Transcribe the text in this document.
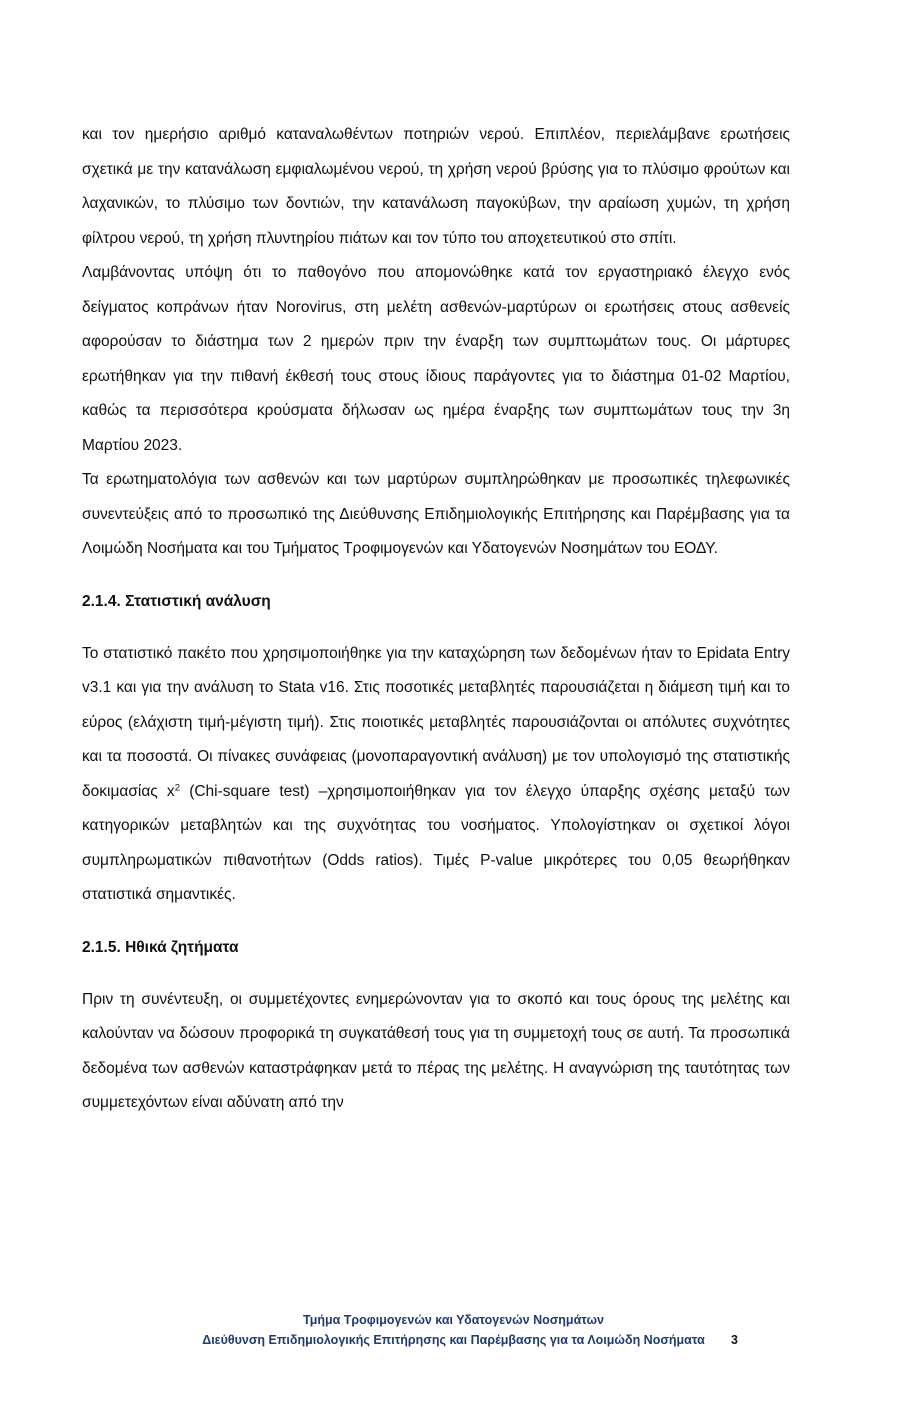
και τον ημερήσιο αριθμό καταναλωθέντων ποτηριών νερού. Επιπλέον, περιελάμβανε ερωτήσεις σχετικά με την κατανάλωση εμφιαλωμένου νερού, τη χρήση νερού βρύσης για το πλύσιμο φρούτων και λαχανικών, το πλύσιμο των δοντιών, την κατανάλωση παγοκύβων, την αραίωση χυμών, τη χρήση φίλτρου νερού, τη χρήση πλυντηρίου πιάτων και τον τύπο του αποχετευτικού στο σπίτι.

Λαμβάνοντας υπόψη ότι το παθογόνο που απομονώθηκε κατά τον εργαστηριακό έλεγχο ενός δείγματος κοπράνων ήταν Norovirus, στη μελέτη ασθενών-μαρτύρων οι ερωτήσεις στους ασθενείς αφορούσαν το διάστημα των 2 ημερών πριν την έναρξη των συμπτωμάτων τους. Οι μάρτυρες ερωτήθηκαν για την πιθανή έκθεσή τους στους ίδιους παράγοντες για το διάστημα 01-02 Μαρτίου, καθώς τα περισσότερα κρούσματα δήλωσαν ως ημέρα έναρξης των συμπτωμάτων τους την 3η Μαρτίου 2023.

Τα ερωτηματολόγια των ασθενών και των μαρτύρων συμπληρώθηκαν με προσωπικές τηλεφωνικές συνεντεύξεις από το προσωπικό της Διεύθυνσης Επιδημιολογικής Επιτήρησης και Παρέμβασης για τα Λοιμώδη Νοσήματα και του Τμήματος Τροφιμογενών και Υδατογενών Νοσημάτων του ΕΟΔΥ.

2.1.4. Στατιστική ανάλυση

Το στατιστικό πακέτο που χρησιμοποιήθηκε για την καταχώρηση των δεδομένων ήταν το Epidata Entry v3.1 και για την ανάλυση το Stata v16. Στις ποσοτικές μεταβλητές παρουσιάζεται η διάμεση τιμή και το εύρος (ελάχιστη τιμή-μέγιστη τιμή). Στις ποιοτικές μεταβλητές παρουσιάζονται οι απόλυτες συχνότητες και τα ποσοστά. Οι πίνακες συνάφειας (μονοπαραγοντική ανάλυση) με τον υπολογισμό της στατιστικής δοκιμασίας $x^2$ (Chi-square test) –χρησιμοποιήθηκαν για τον έλεγχο ύπαρξης σχέσης μεταξύ των κατηγορικών μεταβλητών και της συχνότητας του νοσήματος. Υπολογίστηκαν οι σχετικοί λόγοι συμπληρωματικών πιθανοτήτων (Odds ratios). Τιμές P-value μικρότερες του 0,05 θεωρήθηκαν στατιστικά σημαντικές.

2.1.5. Ηθικά ζητήματα

Πριν τη συνέντευξη, οι συμμετέχοντες ενημερώνονταν για το σκοπό και τους όρους της μελέτης και καλούνταν να δώσουν προφορικά τη συγκατάθεσή τους για τη συμμετοχή τους σε αυτή. Τα προσωπικά δεδομένα των ασθενών καταστράφηκαν μετά το πέρας της μελέτης. Η αναγνώριση της ταυτότητας των συμμετεχόντων είναι αδύνατη από την

Τμήμα Τροφιμογενών και Υδατογενών Νοσημάτων
Διεύθυνση Επιδημιολογικής Επιτήρησης και Παρέμβασης για τα Λοιμώδη Νοσήματα	3
